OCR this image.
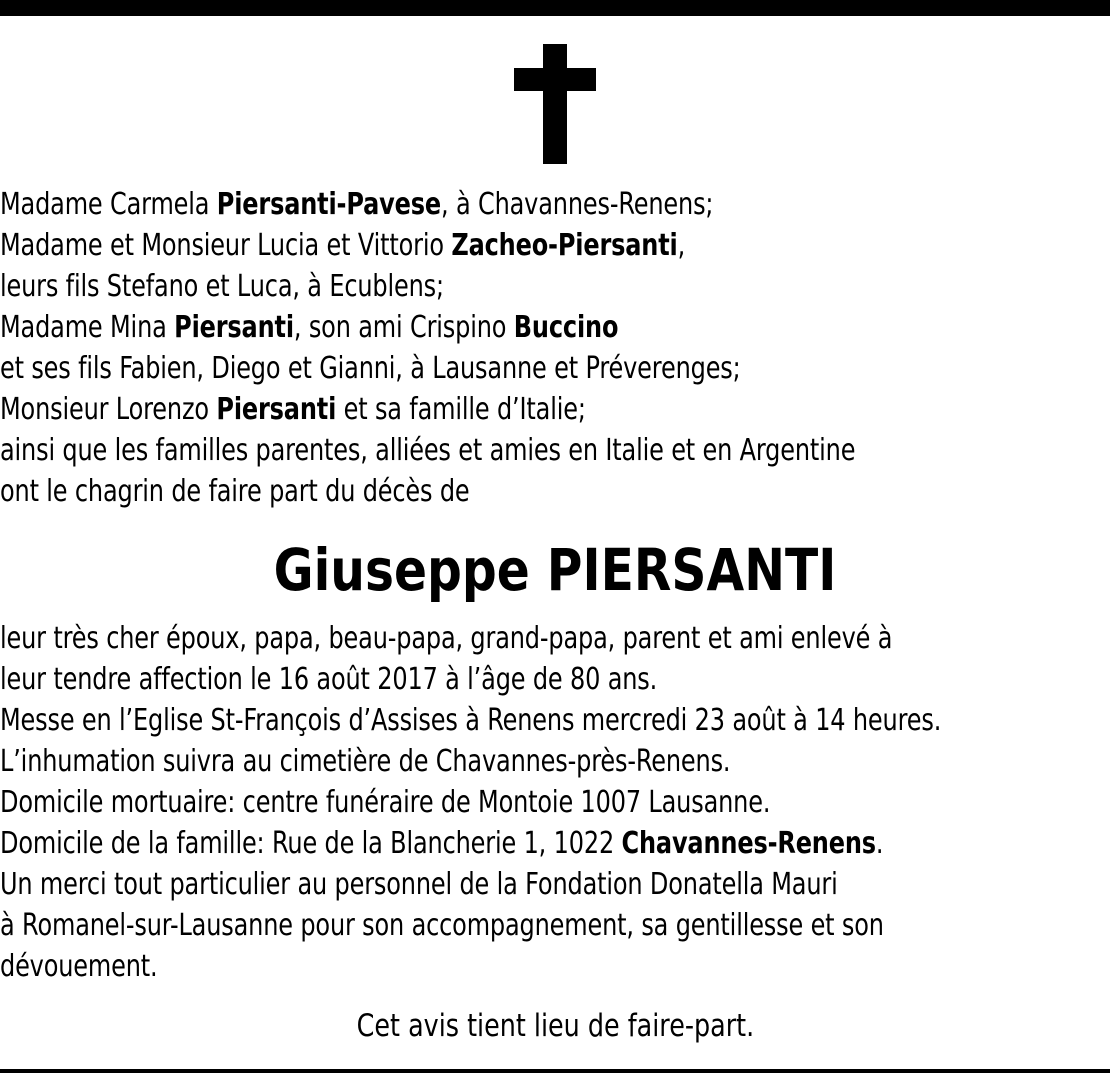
Madame Carmela Piersanti-Pavese, à Chavannes-Renens;
Madame et Monsieur Lucia et Vittorio Zacheo-Piersanti,
leurs fils Stefano et Luca, à Ecublens;
Madame Mina Piersanti, son ami Crispino Buccino
et ses fils Fabien, Diego et Gianni, à Lausanne et Préverenges;
Monsieur Lorenzo Piersanti et sa famille d’Italie;
ainsi que les familles parentes, alliées et amies en Italie et en Argentine
ont le chagrin de faire part du décès de
Giuseppe PIERSANTI
leur très cher époux, papa, beau-papa, grand-papa, parent et ami enlevé à
leur tendre affection le 16 août 2017 à l’âge de 80 ans.
Messe en l’Eglise St-François d’Assises à Renens mercredi 23 août à 14 heures.
L’inhumation suivra au cimetière de Chavannes-près-Renens.
Domicile mortuaire: centre funéraire de Montoie 1007 Lausanne.
Domicile de la famille: Rue de la Blancherie 1, 1022 Chavannes-Renens.
Un merci tout particulier au personnel de la Fondation Donatella Mauri
à Romanel-sur-Lausanne pour son accompagnement, sa gentillesse et son
dévouement.
Cet avis tient lieu de faire-part.
